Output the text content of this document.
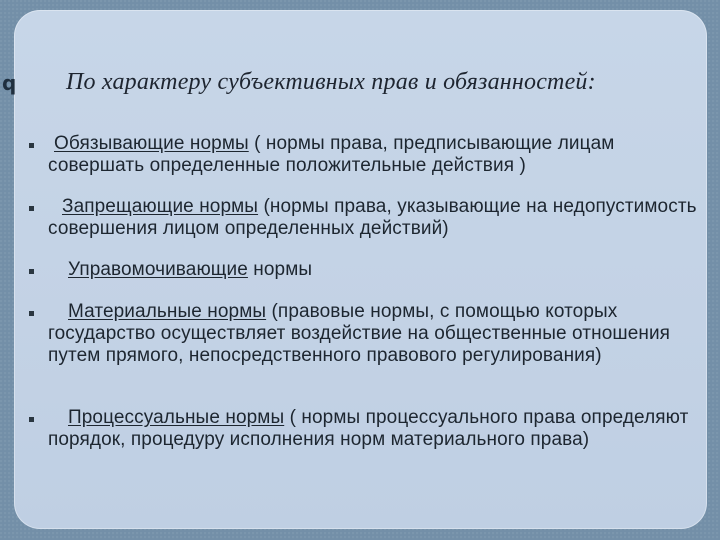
q По характеру субъективных прав и обязанностей:
Обязывающие нормы ( нормы права, предписывающие лицам совершать определенные положительные действия )
Запрещающие нормы (нормы права, указывающие на недопустимость совершения лицом определенных действий)
Управомочивающие нормы
Материальные нормы (правовые нормы, с помощью которых государство осуществляет воздействие на общественные отношения путем прямого, непосредственного правового регулирования)
Процессуальные нормы ( нормы процессуального права определяют порядок, процедуру исполнения норм материального права)
